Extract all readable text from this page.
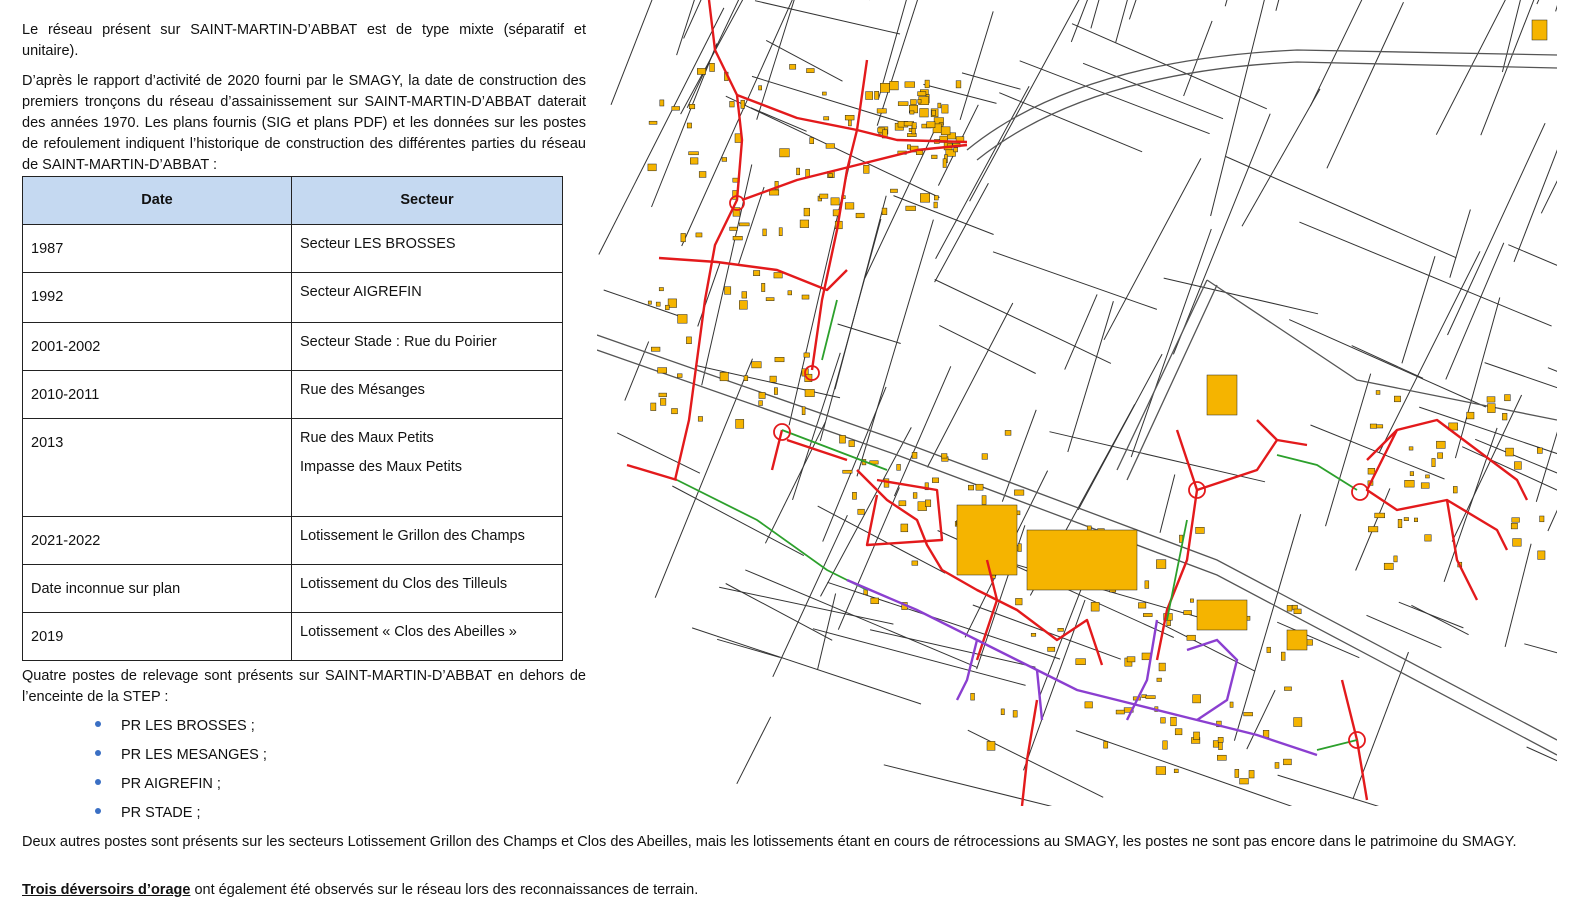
Le réseau présent sur SAINT-MARTIN-D’ABBAT est de type mixte (séparatif et unitaire).

D’après le rapport d’activité de 2020 fourni par le SMAGY, la date de construction des premiers tronçons du réseau d’assainissement sur SAINT-MARTIN-D’ABBAT daterait des années 1970. Les plans fournis (SIG et plans PDF) et les données sur les postes de refoulement indiquent l’historique de construction des différentes parties du réseau de SAINT-MARTIN-D’ABBAT :

Date	Secteur
1987	Secteur LES BROSSES

1992	Secteur AIGREFIN

2001-2002	Secteur Stade : Rue du Poirier

2010-2011	Rue des Mésanges

2013	Rue des Maux Petits
Impasse des Maux Petits

2021-2022	Lotissement le Grillon des Champs

Date inconnue sur plan	Lotissement du Clos des Tilleuls

2019	Lotissement « Clos des Abeilles »

Quatre postes de relevage sont présents sur SAINT-MARTIN-D’ABBAT en dehors de l’enceinte de la STEP :

PR LES BROSSES ;
PR LES MESANGES ;
PR AIGREFIN ;
PR STADE ;

Deux autres postes sont présents sur les secteurs Lotissement Grillon des Champs et Clos des Abeilles, mais les lotissements étant en cours de rétrocessions au SMAGY, les postes ne sont pas encore dans le patrimoine du SMAGY.

Trois déversoirs d’orage ont également été observés sur le réseau lors des reconnaissances de terrain.
